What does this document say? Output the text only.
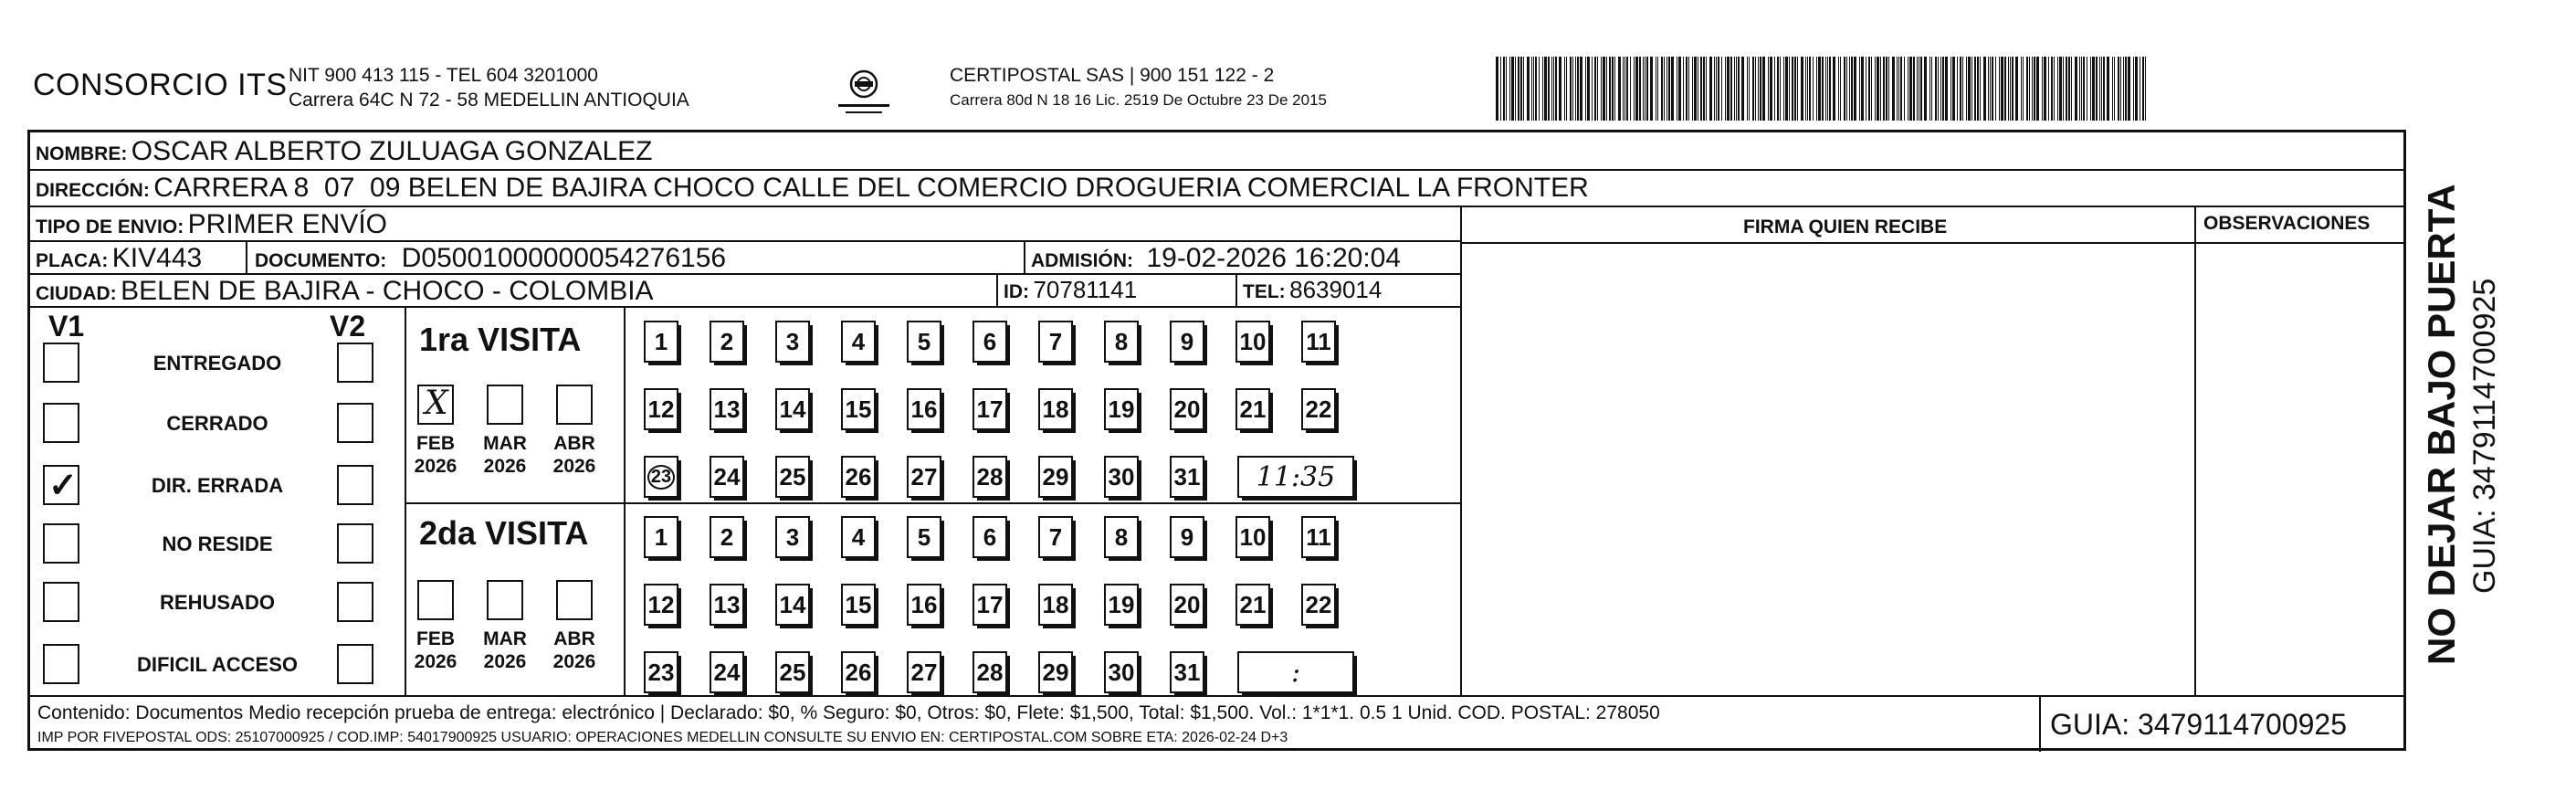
CONSORCIO ITS NIT 900 413 115 - TEL 604 3201000
Carrera 64C N 72 - 58 MEDELLIN ANTIOQUIA
CERTIPOSTAL SAS | 900 151 122 - 2
Carrera 80d N 18 16 Lic. 2519 De Octubre 23 De 2015
NOMBRE: OSCAR ALBERTO ZULUAGA GONZALEZ
DIRECCIÓN: CARRERA 8  07  09 BELEN DE BAJIRA CHOCO CALLE DEL COMERCIO DROGUERIA COMERCIAL LA FRONTER
TIPO DE ENVIO: PRIMER ENVÍO	FIRMA QUIEN RECIBE	OBSERVACIONES
PLACA: KIV443	DOCUMENTO: D05001000000054276156	ADMISIÓN: 19-02-2026 16:20:04
CIUDAD: BELEN DE BAJIRA - CHOCO - COLOMBIA	ID: 70781141	TEL: 8639014
V1	V2
ENTREGADO
CERRADO
✓	DIR. ERRADA
NO RESIDE
REHUSADO
DIFICIL ACCESO
1ra VISITA
X
FEB
2026
MAR
2026
ABR
2026
1 2 3 4 5 6 7 8 9 10 11
12 13 14 15 16 17 18 19 20 21 22
23 24 25 26 27 28 29 30 31 11:35
2da VISITA
FEB
2026
MAR
2026
ABR
2026
1 2 3 4 5 6 7 8 9 10 11
12 13 14 15 16 17 18 19 20 21 22
23 24 25 26 27 28 29 30 31	:
Contenido: Documentos Medio recepción prueba de entrega: electrónico | Declarado: $0, % Seguro: $0, Otros: $0, Flete: $1,500, Total: $1,500. Vol.: 1*1*1. 0.5 1 Unid. COD. POSTAL: 278050
IMP POR FIVEPOSTAL ODS: 25107000925 / COD.IMP: 54017900925 USUARIO: OPERACIONES MEDELLIN CONSULTE SU ENVIO EN: CERTIPOSTAL.COM SOBRE ETA: 2026-02-24 D+3	GUIA: 3479114700925
NO DEJAR BAJO PUERTA GUIA: 3479114700925
